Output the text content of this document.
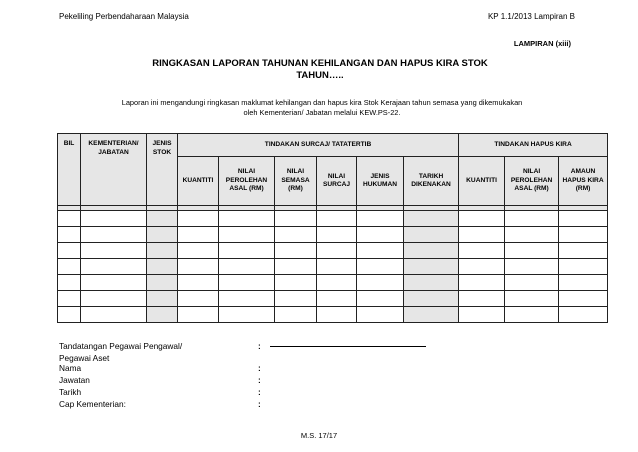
Pekeliling Perbendaharaan Malaysia	KP 1.1/2013 Lampiran B
LAMPIRAN (xiii)
RINGKASAN LAPORAN TAHUNAN KEHILANGAN DAN HAPUS KIRA STOK
TAHUN…..
Laporan ini mengandungi ringkasan maklumat kehilangan dan hapus kira Stok Kerajaan tahun semasa yang dikemukakan
oleh Kementerian/ Jabatan melalui KEW.PS-22.
BIL	KEMENTERIAN/ JABATAN	JENIS STOK	TINDAKAN SURCAJ/ TATATERTIB						TINDAKAN HAPUS KIRA		
			KUANTITI	NILAI PEROLEHAN ASAL (RM)	NILAI SEMASA (RM)	NILAI SURCAJ	JENIS HUKUMAN	TARIKH DIKENAKAN	KUANTITI	NILAI PEROLEHAN ASAL (RM)	AMAUN HAPUS KIRA (RM)

Tandatangan Pegawai Pengawal/	:
Pegawai Aset
Nama	:
Jawatan	:
Tarikh	:
Cap Kementerian:	:
M.S. 17/17
